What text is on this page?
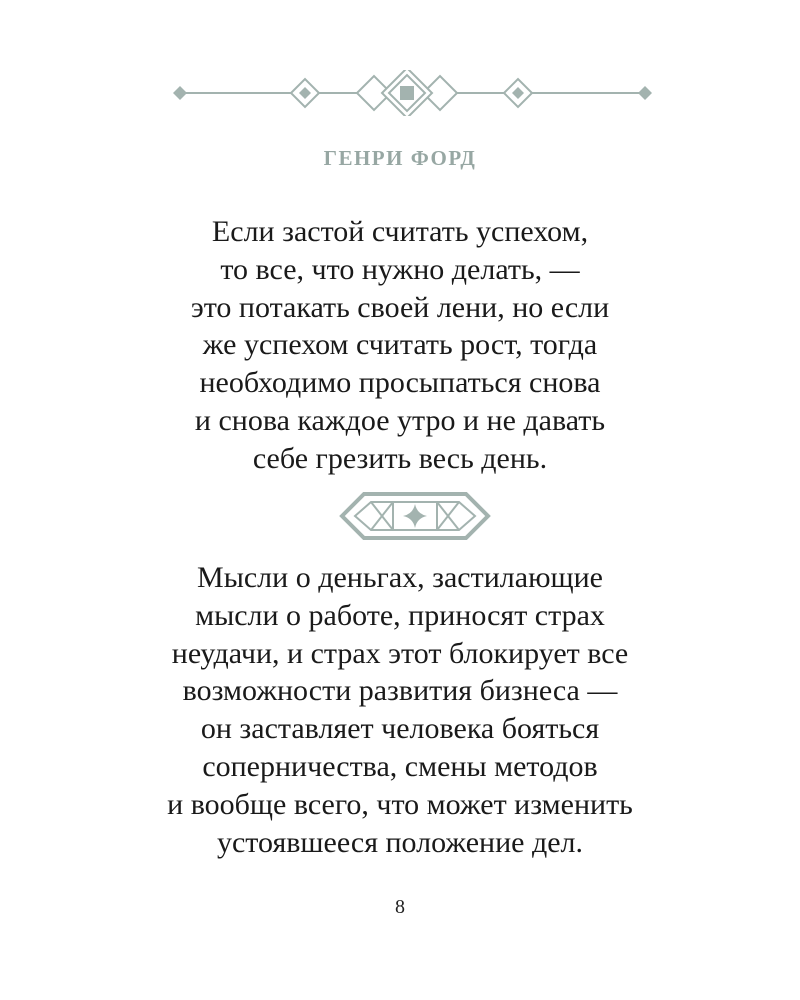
ГЕНРИ ФОРД
Если застой считать успехом,
то все, что нужно делать, —
это потакать своей лени, но если
же успехом считать рост, тогда
необходимо просыпаться снова
и снова каждое утро и не давать
себе грезить весь день.
Мысли о деньгах, застилающие
мысли о работе, приносят страх
неудачи, и страх этот блокирует все
возможности развития бизнеса —
он заставляет человека бояться
соперничества, смены методов
и вообще всего, что может изменить
устоявшееся положение дел.
8
